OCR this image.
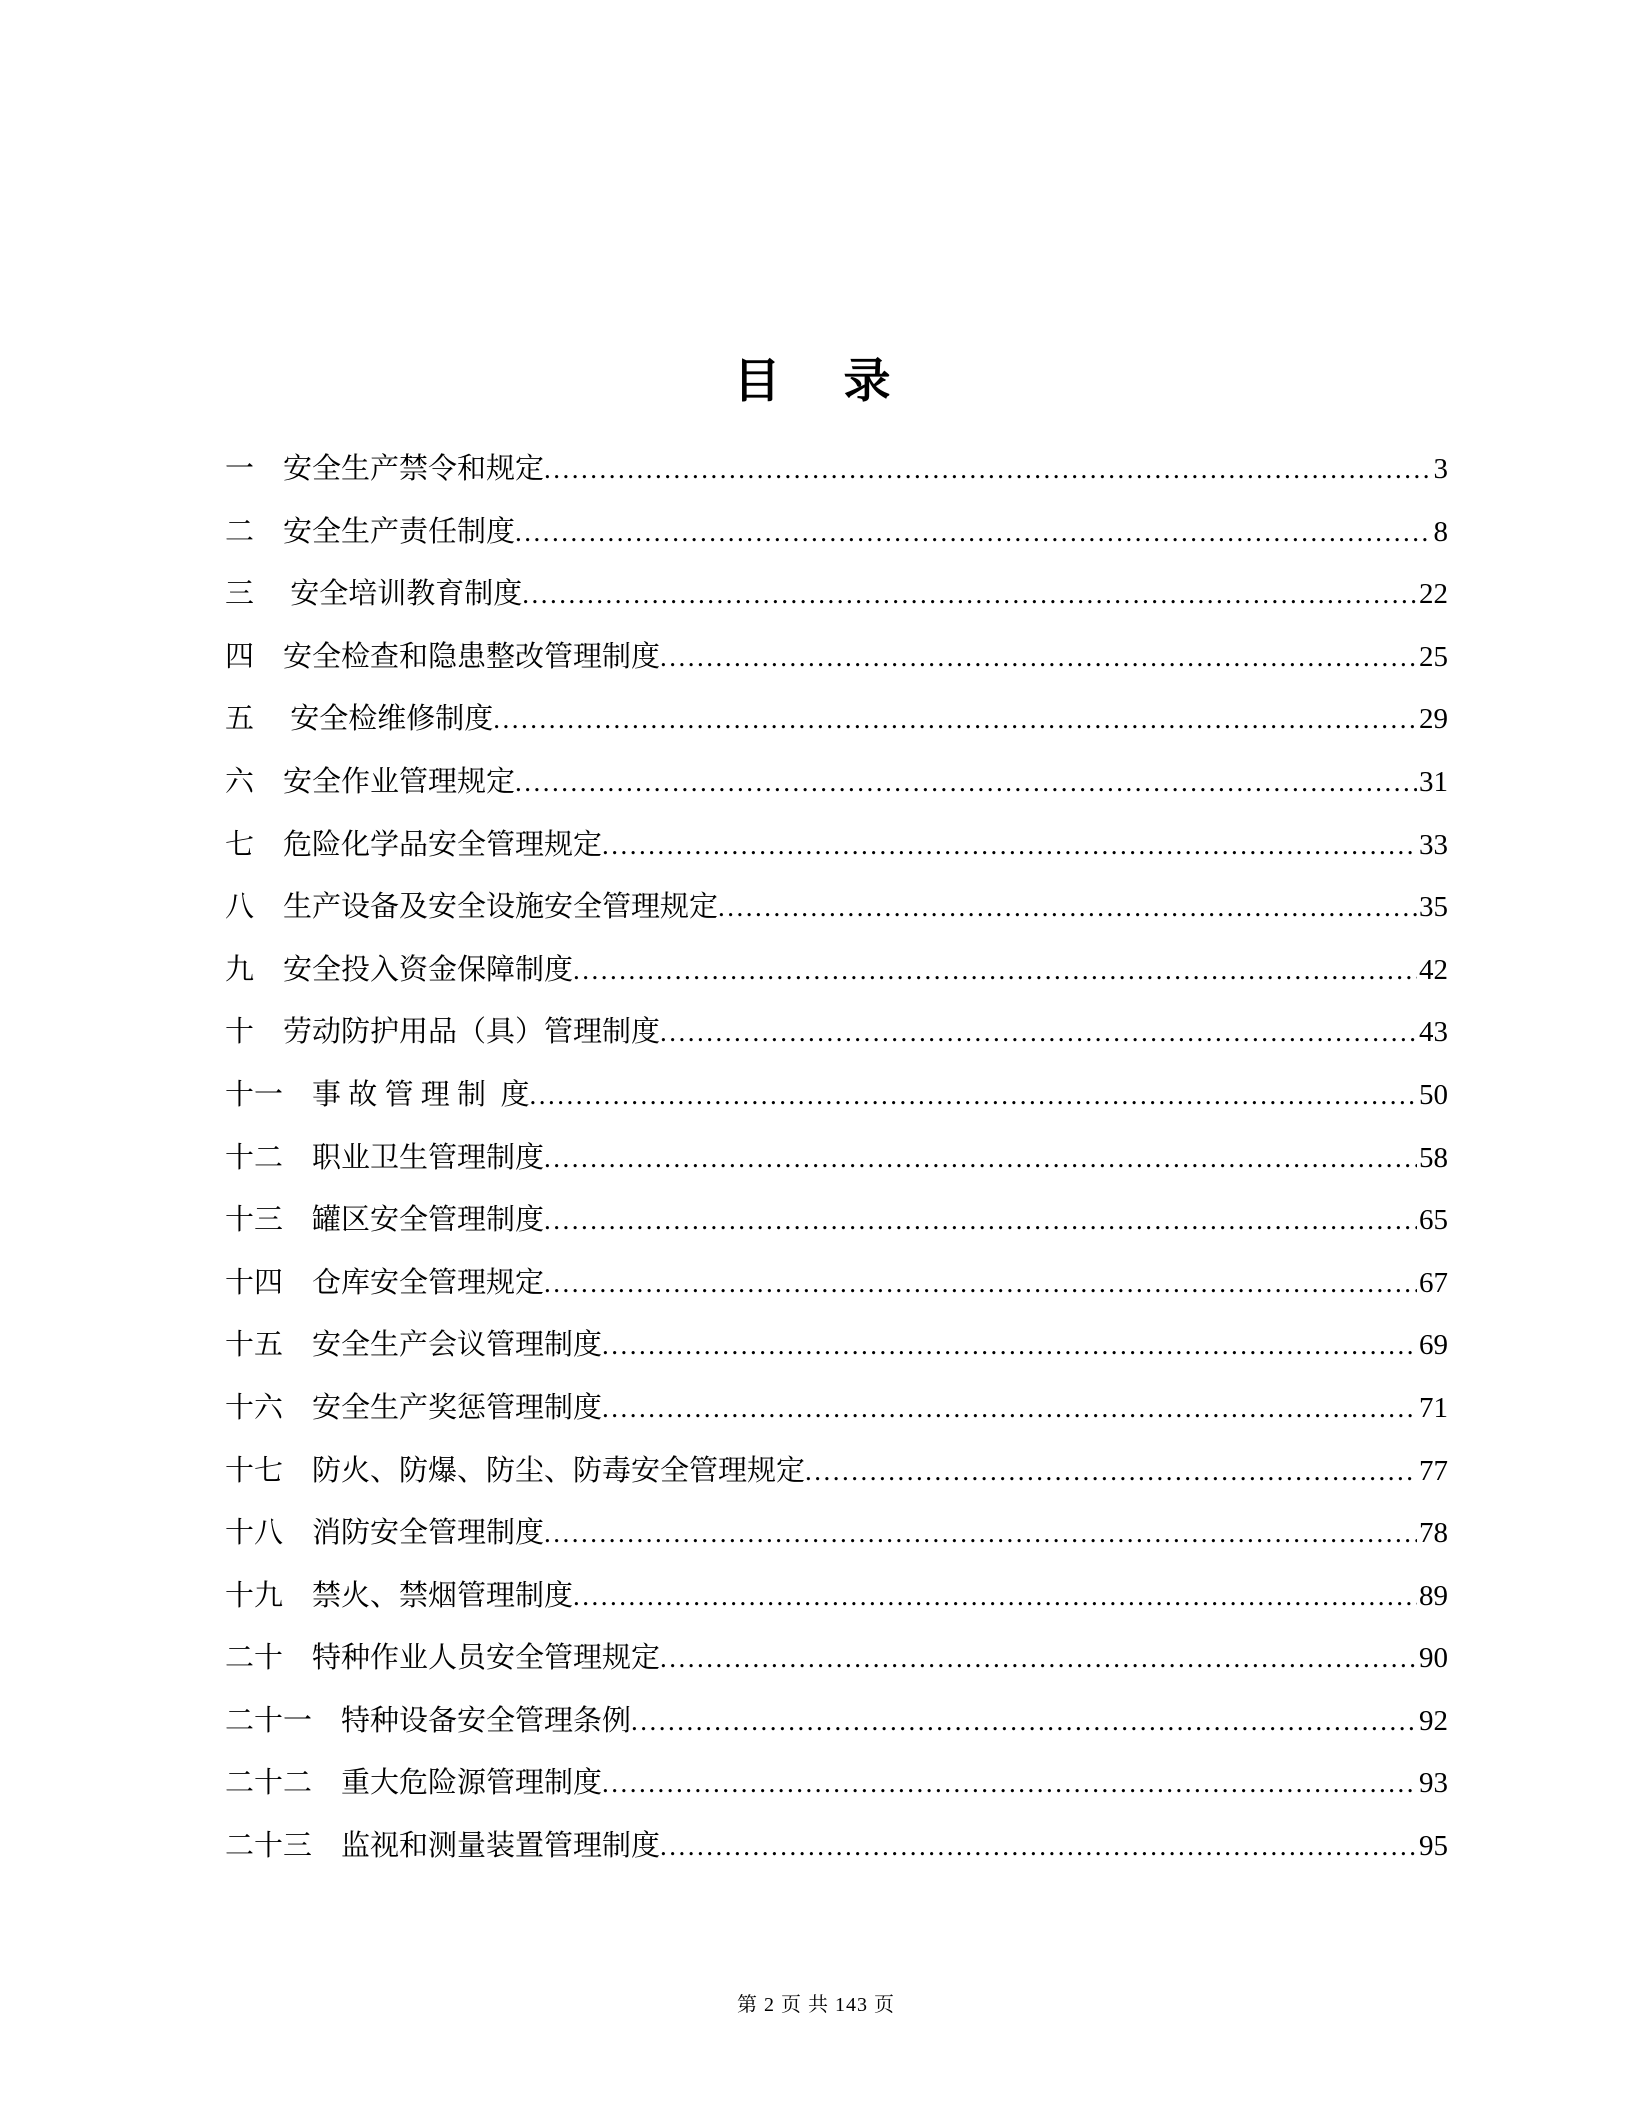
目　录
一　安全生产禁令和规定 .....	3
二　安全生产责任制度 .....	8
三　 安全培训教育制度 .....	22
四　安全检查和隐患整改管理制度 .....	25
五　 安全检维修制度 .....	29
六　安全作业管理规定 .....	31
七　危险化学品安全管理规定 .....	33
八　生产设备及安全设施安全管理规定 .....	35
九　安全投入资金保障制度 .....	42
十　劳动防护用品（具）管理制度 .....	43
十一　事 故 管 理 制  度 .....	50
十二　职业卫生管理制度 .....	58
十三　罐区安全管理制度 .....	65
十四　仓库安全管理规定 .....	67
十五　安全生产会议管理制度 .....	69
十六　安全生产奖惩管理制度 .....	71
十七　防火、防爆、防尘、防毒安全管理规定 .....	77
十八　消防安全管理制度 .....	78
十九　禁火、禁烟管理制度 .....	89
二十　特种作业人员安全管理规定 .....	90
二十一　特种设备安全管理条例 .....	92
二十二　重大危险源管理制度 .....	93
二十三　监视和测量装置管理制度 .....	95
第 2 页 共 143 页
